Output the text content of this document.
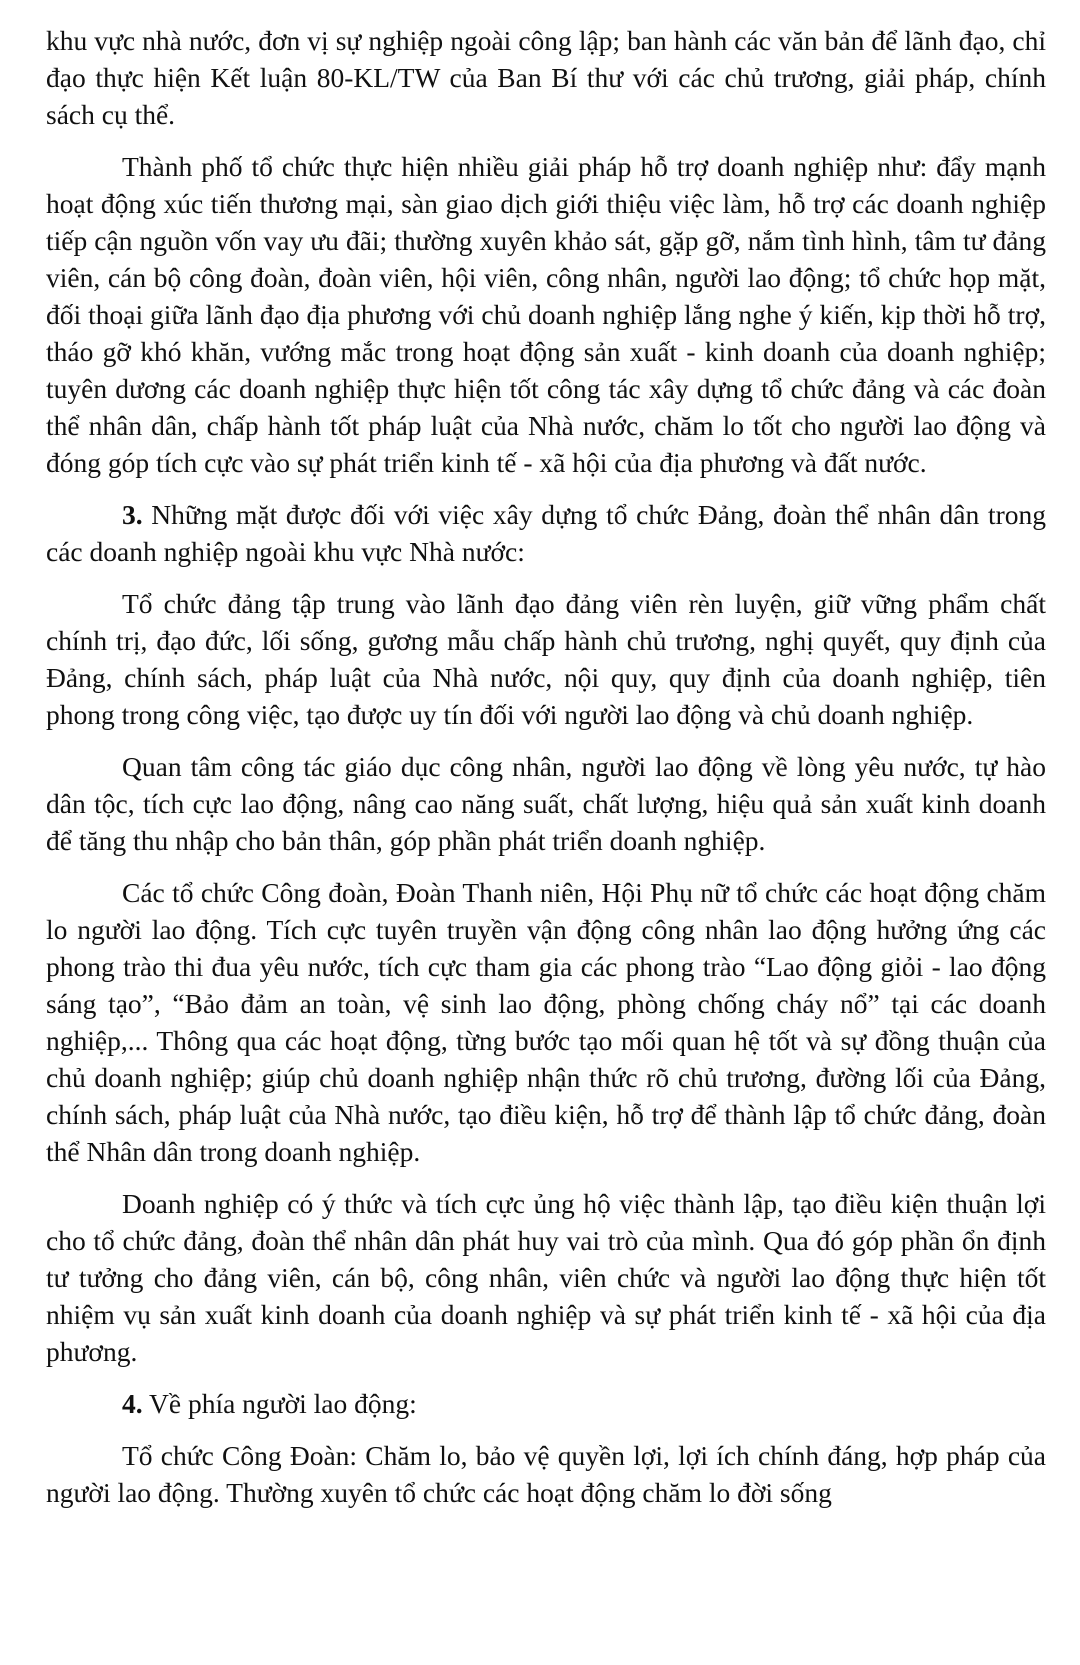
khu vực nhà nước, đơn vị sự nghiệp ngoài công lập; ban hành các văn bản để lãnh đạo, chỉ đạo thực hiện Kết luận 80-KL/TW của Ban Bí thư với các chủ trương, giải pháp, chính sách cụ thể.

Thành phố tổ chức thực hiện nhiều giải pháp hỗ trợ doanh nghiệp như: đẩy mạnh hoạt động xúc tiến thương mại, sàn giao dịch giới thiệu việc làm, hỗ trợ các doanh nghiệp tiếp cận nguồn vốn vay ưu đãi; thường xuyên khảo sát, gặp gỡ, nắm tình hình, tâm tư đảng viên, cán bộ công đoàn, đoàn viên, hội viên, công nhân, người lao động; tổ chức họp mặt, đối thoại giữa lãnh đạo địa phương với chủ doanh nghiệp lắng nghe ý kiến, kịp thời hỗ trợ, tháo gỡ khó khăn, vướng mắc trong hoạt động sản xuất - kinh doanh của doanh nghiệp; tuyên dương các doanh nghiệp thực hiện tốt công tác xây dựng tổ chức đảng và các đoàn thể nhân dân, chấp hành tốt pháp luật của Nhà nước, chăm lo tốt cho người lao động và đóng góp tích cực vào sự phát triển kinh tế - xã hội của địa phương và đất nước.

3. Những mặt được đối với việc xây dựng tổ chức Đảng, đoàn thể nhân dân trong các doanh nghiệp ngoài khu vực Nhà nước:

Tổ chức đảng tập trung vào lãnh đạo đảng viên rèn luyện, giữ vững phẩm chất chính trị, đạo đức, lối sống, gương mẫu chấp hành chủ trương, nghị quyết, quy định của Đảng, chính sách, pháp luật của Nhà nước, nội quy, quy định của doanh nghiệp, tiên phong trong công việc, tạo được uy tín đối với người lao động và chủ doanh nghiệp.

Quan tâm công tác giáo dục công nhân, người lao động về lòng yêu nước, tự hào dân tộc, tích cực lao động, nâng cao năng suất, chất lượng, hiệu quả sản xuất kinh doanh để tăng thu nhập cho bản thân, góp phần phát triển doanh nghiệp.

Các tổ chức Công đoàn, Đoàn Thanh niên, Hội Phụ nữ tổ chức các hoạt động chăm lo người lao động. Tích cực tuyên truyền vận động công nhân lao động hưởng ứng các phong trào thi đua yêu nước, tích cực tham gia các phong trào “Lao động giỏi - lao động sáng tạo”, “Bảo đảm an toàn, vệ sinh lao động, phòng chống cháy nổ” tại các doanh nghiệp,... Thông qua các hoạt động, từng bước tạo mối quan hệ tốt và sự đồng thuận của chủ doanh nghiệp; giúp chủ doanh nghiệp nhận thức rõ chủ trương, đường lối của Đảng, chính sách, pháp luật của Nhà nước, tạo điều kiện, hỗ trợ để thành lập tổ chức đảng, đoàn thể Nhân dân trong doanh nghiệp.

Doanh nghiệp có ý thức và tích cực ủng hộ việc thành lập, tạo điều kiện thuận lợi cho tổ chức đảng, đoàn thể nhân dân phát huy vai trò của mình. Qua đó góp phần ổn định tư tưởng cho đảng viên, cán bộ, công nhân, viên chức và người lao động thực hiện tốt nhiệm vụ sản xuất kinh doanh của doanh nghiệp và sự phát triển kinh tế - xã hội của địa phương.

4. Về phía người lao động:

Tổ chức Công Đoàn: Chăm lo, bảo vệ quyền lợi, lợi ích chính đáng, hợp pháp của người lao động. Thường xuyên tổ chức các hoạt động chăm lo đời sống
